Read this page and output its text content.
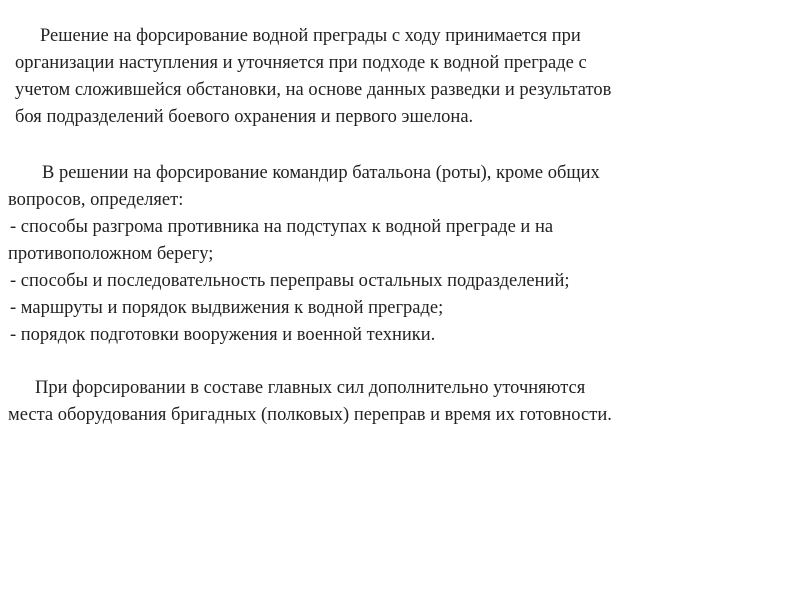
Решение на форсирование водной преграды с ходу принимается при
организации наступления и уточняется при подходе к водной преграде с
учетом сложившейся обстановки, на основе данных разведки и результатов
боя подразделений боевого охранения и первого эшелона.
В решении на форсирование командир батальона (роты), кроме общих
вопросов, определяет:
- способы разгрома противника на подступах к водной преграде и на
противоположном берегу;
- способы и последовательность переправы остальных подразделений;
- маршруты и порядок выдвижения к водной преграде;
- порядок подготовки вооружения и военной техники.
При форсировании в составе главных сил дополнительно уточняются
места оборудования бригадных (полковых) переправ и время их готовности.
